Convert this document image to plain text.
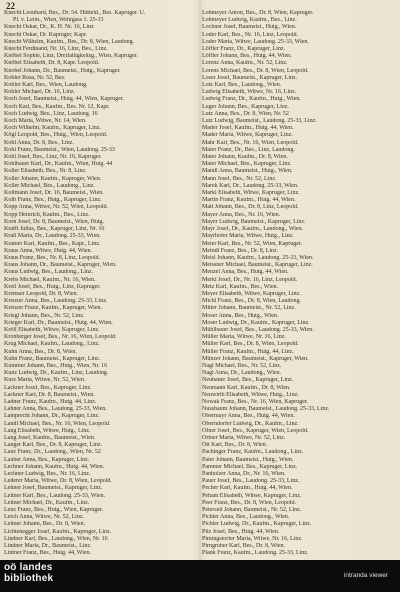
22
Knecht Leonhard, Bes., Dr. 54. Hütteld., Bes. Kapruger. U.
Pl. v. Leim., Wien, Wehrgass 1. 25-33
Knecht Oskar, Dr., K. H. Nr. 16, Linz
Knecht Oskar, Dr. Kapruger, Kapr.
Knecht Wilhelm, Kaufm., Bes., Dr. 8, Wien, Laudong.
Knecht Ferdinand, Nr. 16, Linz, Bes., Linz.
Knöbel Sophie, Linz, Dreifaltigkeitsg., Wien, Kapruger.
Knöbel Elisabeth, Dr. 8, Kapr. Leopold.
Knobel Johann, Dr., Baumeist., Hutg., Kapruger.
Kobler Rosa, Nr. 52, Bes.
Kobler Karl, Bes., Wien, Laudong.
Kobler Michael, Dr. 16, Linz.
Koch Josef, Baumeist., Hutg. 44, Wien, Kapruger.
Koch Karl, Bes., Kaufm., Bes. Nr. 12, Kapr.
Koch Ludwig, Bes., Linz, Laudong. 16
Koch Maria, Witwe, Nr. 14, Wien.
Koch Wilhelm, Kaufm., Kapruger, Linz.
Kögl Leopold, Bes., Hutg., Wien, Leopold.
Kohl Anna, Dr. 8, Bes., Linz.
Kohl Franz, Baumeist., Wien, Laudong. 25-33
Kohl Josef, Bes., Linz, Nr. 16, Kapruger.
Kohlbauer Karl, Dr., Kaufm., Wien, Hutg. 44
Koller Elisabeth, Bes., Nr. 8, Linz.
Koller Johann, Kaufm., Kapruger, Wien.
Koller Michael, Bes., Laudong., Linz.
Kollmann Josef, Dr. 16, Baumeist., Wien.
Kolb Franz, Bes., Hutg., Kapruger, Linz.
Kopp Anna, Witwe, Nr. 52, Wien, Leopold.
Kopp Heinrich, Kaufm., Bes., Linz.
Korn Josef, Dr. 8, Baumeist., Wien, Hutg.
Krafft Julius, Bes., Kapruger, Linz, Nr. 16
Krall Maria, Dr., Laudong. 25-33, Wien.
Kramer Karl, Kaufm., Bes., Kapr., Linz.
Kraus Anna, Witwe, Hutg. 44, Wien.
Kraus Franz, Bes., Nr. 8, Linz, Leopold.
Kraus Johann, Dr., Baumeist., Kapruger, Wien.
Kraus Ludwig, Bes., Laudong., Linz.
Krebs Michael, Kaufm., Nr. 16, Wien.
Kreil Josef, Bes., Hutg., Linz, Kapruger.
Kremser Leopold, Dr. 8, Wien.
Kreuzer Anna, Bes., Laudong. 25-33, Linz.
Kreuzer Franz, Kaufm., Kapruger, Wien.
Kriegl Johann, Bes., Nr. 52, Linz.
Krieger Karl, Dr., Baumeist., Hutg. 44, Wien.
Kröll Elisabeth, Witwe, Kapruger, Linz.
Kronberger Josef, Bes., Nr. 16, Wien, Leopold.
Krug Michael, Kaufm., Laudong., Linz.
Kuhn Anna, Bes., Dr. 8, Wien.
Kuhn Franz, Baumeist., Kapruger, Linz.
Kummer Johann, Bes., Hutg., Wien, Nr. 16
Kunz Ludwig, Dr., Kaufm., Linz, Laudong.
Kurz Maria, Witwe, Nr. 52, Wien.
Lackner Josef, Bes., Kapruger, Linz.
Lackner Karl, Dr. 8, Baumeist., Wien.
Ladner Franz, Kaufm., Hutg. 44, Linz.
Lahner Anna, Bes., Laudong. 25-33, Wien.
Lamprecht Johann, Dr., Kapruger, Linz.
Landl Michael, Bes., Nr. 16, Wien, Leopold.
Lang Elisabeth, Witwe, Hutg., Linz.
Lang Josef, Kaufm., Baumeist., Wien.
Langer Karl, Bes., Dr. 8, Kapruger, Linz.
Lanz Franz, Dr., Laudong., Wien, Nr. 52
Lauber Anna, Bes., Kapruger, Linz.
Lechner Johann, Kaufm., Hutg. 44, Wien.
Lechner Ludwig, Bes., Nr. 16, Linz.
Lederer Maria, Witwe, Dr. 8, Wien, Leopold.
Lehner Josef, Baumeist., Kapruger, Linz.
Leitner Karl, Bes., Laudong. 25-33, Wien.
Leitner Michael, Dr., Kaufm., Linz.
Lenz Franz, Bes., Hutg., Wien, Kapruger.
Lerch Anna, Witwe, Nr. 52, Linz.
Lettner Johann, Bes., Dr. 8, Wien.
Lichtenegger Josef, Kaufm., Kapruger, Linz.
Lindner Karl, Bes., Laudong., Wien, Nr. 16
Lindner Maria, Dr., Baumeist., Linz.
Lintner Franz, Bes., Hutg. 44, Wien.
Lobmeyer Anton, Bes., Dr. 8, Wien, Kapruger.
Lobmeyer Ludwig, Kaufm., Bes., Linz.
Lochner Josef, Baumeist., Hutg., Wien.
Loder Karl, Bes., Nr. 16, Linz, Leopold.
Loder Maria, Witwe, Laudong. 25-33, Wien.
Löffler Franz, Dr., Kapruger, Linz.
Löffler Johann, Bes., Hutg. 44, Wien.
Lorenz Anna, Kaufm., Nr. 52, Linz.
Lorenz Michael, Bes., Dr. 8, Wien, Leopold.
Loser Josef, Baumeist., Kapruger, Linz.
Lotz Karl, Bes., Laudong., Wien.
Ludwig Elisabeth, Witwe, Nr. 16, Linz.
Ludwig Franz, Dr., Kaufm., Hutg., Wien.
Luger Johann, Bes., Kapruger, Linz.
Lutz Anna, Bes., Dr. 8, Wien, Nr. 52
Lutz Ludwig, Baumeist., Laudong. 25-33, Linz.
Mader Josef, Kaufm., Hutg. 44, Wien.
Mader Maria, Witwe, Kapruger, Linz.
Mahr Karl, Bes., Nr. 16, Wien, Leopold.
Maier Franz, Dr., Bes., Linz, Laudong.
Maier Johann, Kaufm., Dr. 8, Wien.
Maier Michael, Bes., Kapruger, Linz.
Mandl Anna, Baumeist., Hutg., Wien.
Mann Josef, Bes., Nr. 52, Linz.
Marek Karl, Dr., Laudong. 25-33, Wien.
Markl Elisabeth, Witwe, Kapruger, Linz.
Martin Franz, Kaufm., Hutg. 44, Wien.
Matt Johann, Bes., Dr. 8, Linz, Leopold.
Mayer Anna, Bes., Nr. 16, Wien.
Mayer Ludwig, Baumeist., Kapruger, Linz.
Mayr Josef, Dr., Kaufm., Laudong., Wien.
Mayrhofer Maria, Witwe, Hutg., Linz.
Meier Karl, Bes., Nr. 52, Wien, Kapruger.
Meindl Franz, Bes., Dr. 8, Linz.
Meisl Johann, Kaufm., Laudong. 25-33, Wien.
Meissner Michael, Baumeist., Kapruger, Linz.
Menzel Anna, Bes., Hutg. 44, Wien.
Merkl Josef, Dr., Nr. 16, Linz, Leopold.
Metz Karl, Kaufm., Bes., Wien.
Meyer Elisabeth, Witwe, Kapruger, Linz.
Michl Franz, Bes., Dr. 8, Wien, Laudong.
Mitter Johann, Baumeist., Nr. 52, Linz.
Moser Anna, Bes., Hutg., Wien.
Moser Ludwig, Dr., Kaufm., Kapruger, Linz.
Mühlbauer Josef, Bes., Laudong. 25-33, Wien.
Müller Maria, Witwe, Nr. 16, Linz.
Müller Karl, Bes., Dr. 8, Wien, Leopold.
Müller Franz, Kaufm., Hutg. 44, Linz.
Münzer Johann, Baumeist., Kapruger, Wien.
Nagl Michael, Bes., Nr. 52, Linz.
Nagl Anna, Dr., Laudong., Wien.
Neubauer Josef, Bes., Kapruger, Linz.
Neumann Karl, Kaufm., Dr. 8, Wien.
Neuwirth Elisabeth, Witwe, Hutg., Linz.
Nowak Franz, Bes., Nr. 16, Wien, Kapruger.
Nussbaum Johann, Baumeist., Laudong. 25-33, Linz.
Obermayr Anna, Bes., Hutg. 44, Wien.
Oberndorfer Ludwig, Dr., Kaufm., Linz.
Ofner Josef, Bes., Kapruger, Wien, Leopold.
Ortner Maria, Witwe, Nr. 52, Linz.
Ott Karl, Bes., Dr. 8, Wien.
Pachinger Franz, Kaufm., Laudong., Linz.
Paier Johann, Baumeist., Hutg., Wien.
Pammer Michael, Bes., Kapruger, Linz.
Panholzer Anna, Dr., Nr. 16, Wien.
Pauer Josef, Bes., Laudong. 25-33, Linz.
Pecher Karl, Kaufm., Hutg. 44, Wien.
Peham Elisabeth, Witwe, Kapruger, Linz.
Peer Franz, Bes., Dr. 8, Wien, Leopold.
Peterseil Johann, Baumeist., Nr. 52, Linz.
Pichler Anna, Bes., Laudong., Wien.
Pichler Ludwig, Dr., Kaufm., Kapruger, Linz.
Pilz Josef, Bes., Hutg. 44, Wien.
Pimingstorfer Maria, Witwe, Nr. 16, Linz.
Pirngruber Karl, Bes., Dr. 8, Wien.
Plank Franz, Kaufm., Laudong. 25-33, Linz.
oö landes
bibliothek	intranda viewer
